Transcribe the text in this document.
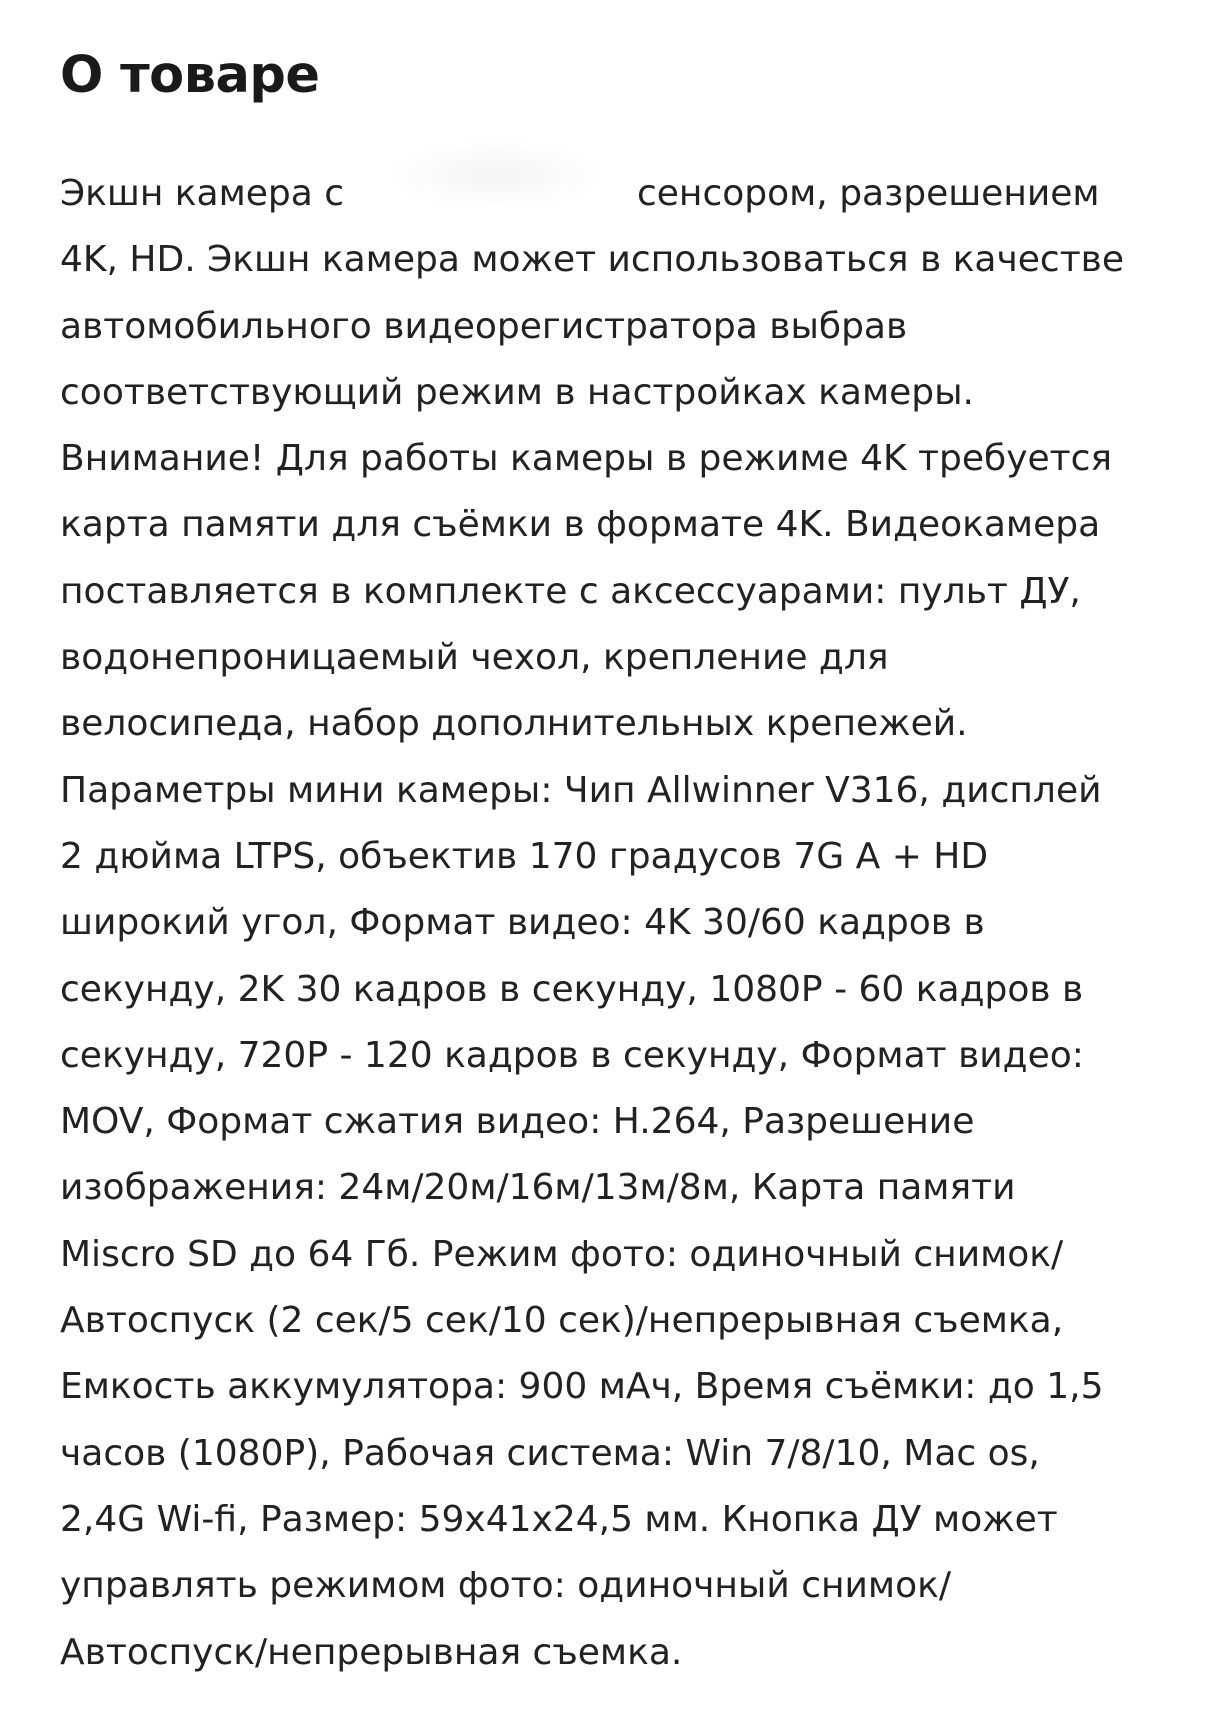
О товаре
Экшн камера с	сенсором, разрешением
4K, HD. Экшн камера может использоваться в качестве
автомобильного видеорегистратора выбрав
соответствующий режим в настройках камеры.
Внимание! Для работы камеры в режиме 4K требуется
карта памяти для съёмки в формате 4K. Видеокамера
поставляется в комплекте с аксессуарами: пульт ДУ,
водонепроницаемый чехол, крепление для
велосипеда, набор дополнительных крепежей.
Параметры мини камеры: Чип Allwinner V316, дисплей
2 дюйма LTPS, объектив 170 градусов 7G A + HD
широкий угол, Формат видео: 4K 30/60 кадров в
секунду, 2K 30 кадров в секунду, 1080P - 60 кадров в
секунду, 720P - 120 кадров в секунду, Формат видео:
MOV, Формат сжатия видео: H.264, Разрешение
изображения: 24м/20м/16м/13м/8м, Карта памяти
Miscro SD до 64 Гб. Режим фото: одиночный снимок/
Автоспуск (2 сек/5 сек/10 сек)/непрерывная съемка,
Емкость аккумулятора: 900 мАч, Время съёмки: до 1,5
часов (1080P), Рабочая система: Win 7/8/10, Mac os,
2,4G Wi-fi, Размер: 59x41x24,5 мм. Кнопка ДУ может
управлять режимом фото: одиночный снимок/
Автоспуск/непрерывная съемка.
